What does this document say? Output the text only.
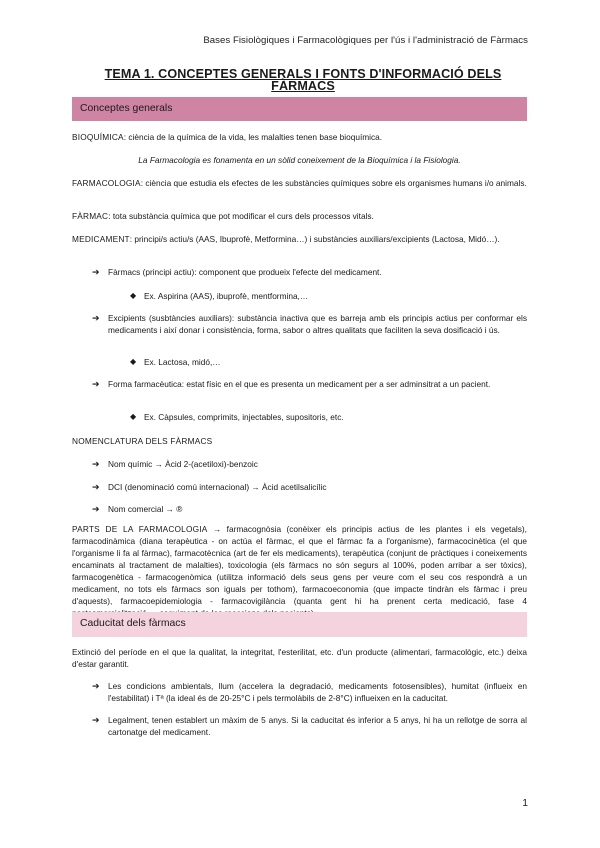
Bases Fisiològiques i Farmacològiques per l'ús i l'administració de Fàrmacs
TEMA 1. CONCEPTES GENERALS I FONTS D'INFORMACIÓ DELS FÀRMACS
Conceptes generals
BIOQUÍMICA: ciència de la química de la vida, les malalties tenen base bioquímica.
La Farmacologia es fonamenta en un sòlid coneixement de la Bioquímica i la Fisiologia.
FARMACOLOGIA: ciència que estudia els efectes de les substàncies químiques sobre els organismes humans i/o animals.
FÀRMAC: tota substància química que pot modificar el curs dels processos vitals.
MEDICAMENT: principi/s actiu/s (AAS, Ibuprofè, Metformina…) i substàncies auxiliars/excipients (Lactosa, Midó…).
➔ Fàrmacs (principi actiu): component que produeix l'efecte del medicament.
◆ Ex. Aspirina (AAS), ibuprofè, mentformina,…
➔ Excipients (susbtàncies auxiliars): substància inactiva que es barreja amb els principis actius per conformar els medicaments i així donar i consistència, forma, sabor o altres qualitats que faciliten la seva dosificació i ús.
◆ Ex. Lactosa, midó,…
➔ Forma farmacèutica: estat físic en el que es presenta un medicament per a ser adminsitrat a un pacient.
◆ Ex. Càpsules, comprimits, injectables, supositoris, etc.
NOMENCLATURA DELS FÀRMACS
➔ Nom químic → Àcid 2-(acetiloxi)-benzoic
➔ DCI (denominació comú internacional) → Àcid acetilsalicílic
➔ Nom comercial → ®
PARTS DE LA FARMACOLOGIA → farmacognòsia (conèixer els principis actius de les plantes i els vegetals), farmacodinàmica (diana terapèutica - on actúa el fàrmac, el que el fàrmac fa a l'organisme), farmacocinètica (el que l'organisme li fa al fàrmac), farmacotècnica (art de fer els medicaments), terapèutica (conjunt de pràctiques i coneixements encaminats al tractament de malalties), toxicologia (els fàrmacs no són segurs al 100%, poden arribar a ser tòxics), farmacogenètica - farmacogenòmica (utilitza informació dels seus gens per veure com el seu cos respondrà a un medicament, no tots els fàrmacs son iguals per tothom), farmacoeconomia (que impacte tindràn els fàrmac i preu d'aquests), farmacoepidemiologia - farmacovigilància (quanta gent hi ha prenent certa medicació, fase 4
Caducitat dels fàrmacs
Extinció del període en el que la qualitat, la integritat, l'esterilitat, etc. d'un producte (alimentari, farmacològic, etc.) deixa d'estar garantit.
➔ Les condicions ambientals, llum (accelera la degradació, medicaments fotosensibles), humitat (influeix en l'estabilitat) i Tª (la ideal és de 20-25°C i pels termolàbils de 2-8°C) influeixen en la caducitat.
➔ Legalment, tenen establert un màxim de 5 anys. Si la caducitat és inferior a 5 anys, hi ha un rellotge de sorra al cartonatge del medicament.
1
